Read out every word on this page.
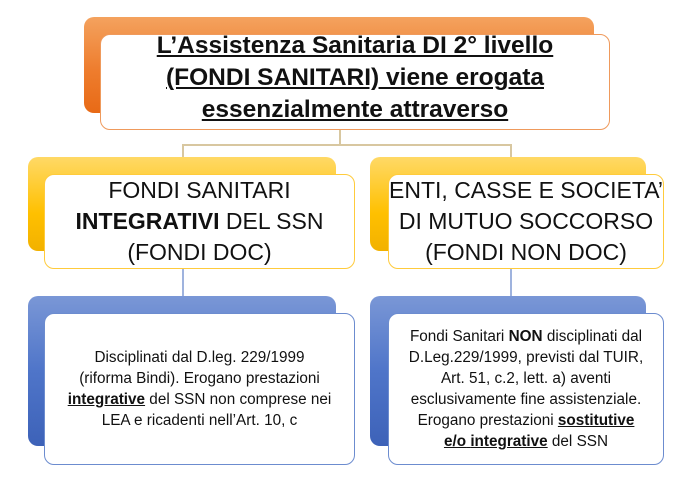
L’Assistenza Sanitaria DI 2° livello
(FONDI SANITARI) viene erogata
essenzialmente attraverso
FONDI SANITARI
INTEGRATIVI DEL SSN
(FONDI DOC)
ENTI, CASSE E SOCIETA’
DI MUTUO SOCCORSO
(FONDI NON DOC)
Disciplinati dal D.leg. 229/1999
(riforma Bindi). Erogano prestazioni
integrative del SSN non comprese nei
LEA e ricadenti nell’Art. 10, c
Fondi Sanitari NON disciplinati dal
D.Leg.229/1999, previsti dal TUIR,
Art. 51, c.2, lett. a) aventi
esclusivamente fine assistenziale.
Erogano prestazioni sostitutive
e/o integrative del SSN
